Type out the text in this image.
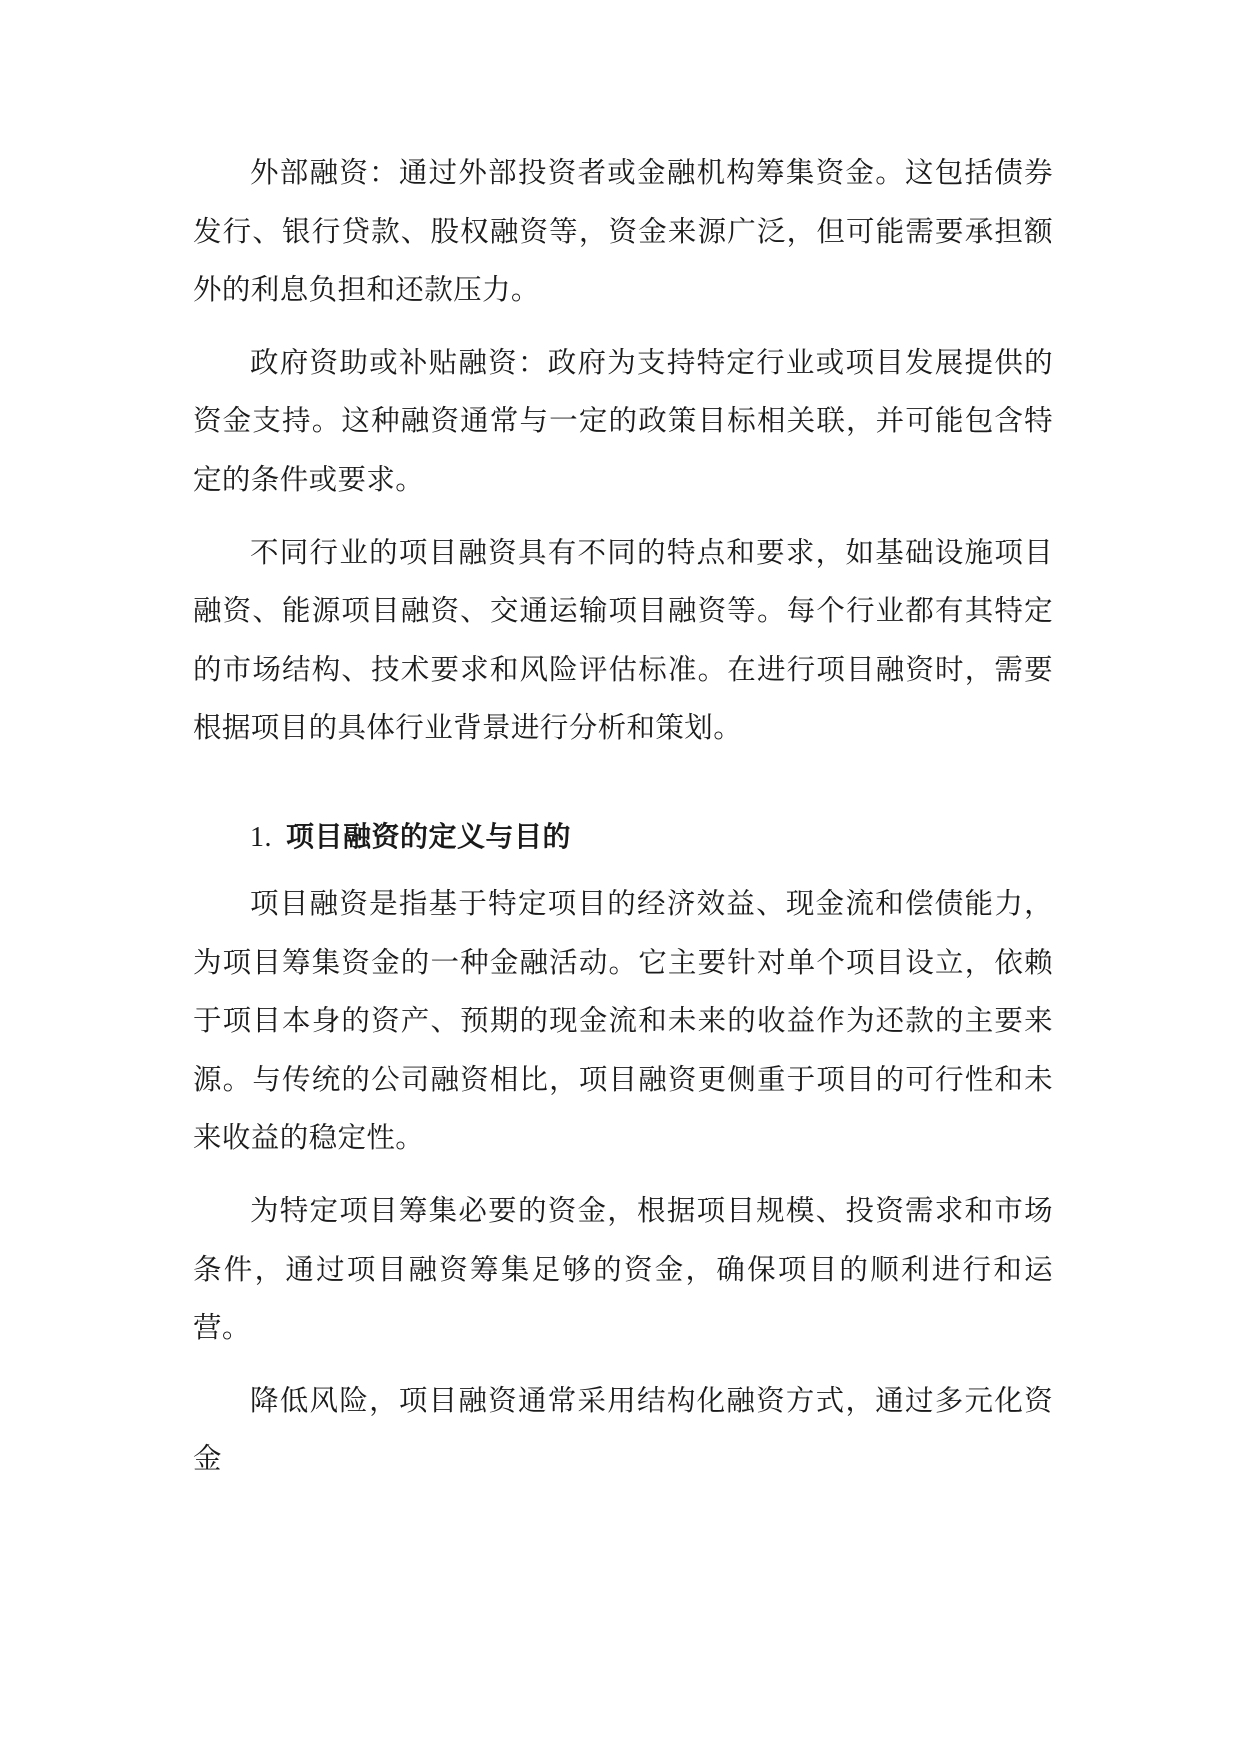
外部融资：通过外部投资者或金融机构筹集资金。这包括债券发行、银行贷款、股权融资等，资金来源广泛，但可能需要承担额外的利息负担和还款压力。

政府资助或补贴融资：政府为支持特定行业或项目发展提供的资金支持。这种融资通常与一定的政策目标相关联，并可能包含特定的条件或要求。

不同行业的项目融资具有不同的特点和要求，如基础设施项目融资、能源项目融资、交通运输项目融资等。每个行业都有其特定的市场结构、技术要求和风险评估标准。在进行项目融资时，需要根据项目的具体行业背景进行分析和策划。

1. 项目融资的定义与目的

项目融资是指基于特定项目的经济效益、现金流和偿债能力，为项目筹集资金的一种金融活动。它主要针对单个项目设立，依赖于项目本身的资产、预期的现金流和未来的收益作为还款的主要来源。与传统的公司融资相比，项目融资更侧重于项目的可行性和未来收益的稳定性。

为特定项目筹集必要的资金，根据项目规模、投资需求和市场条件，通过项目融资筹集足够的资金，确保项目的顺利进行和运营。

降低风险，项目融资通常采用结构化融资方式，通过多元化资金
